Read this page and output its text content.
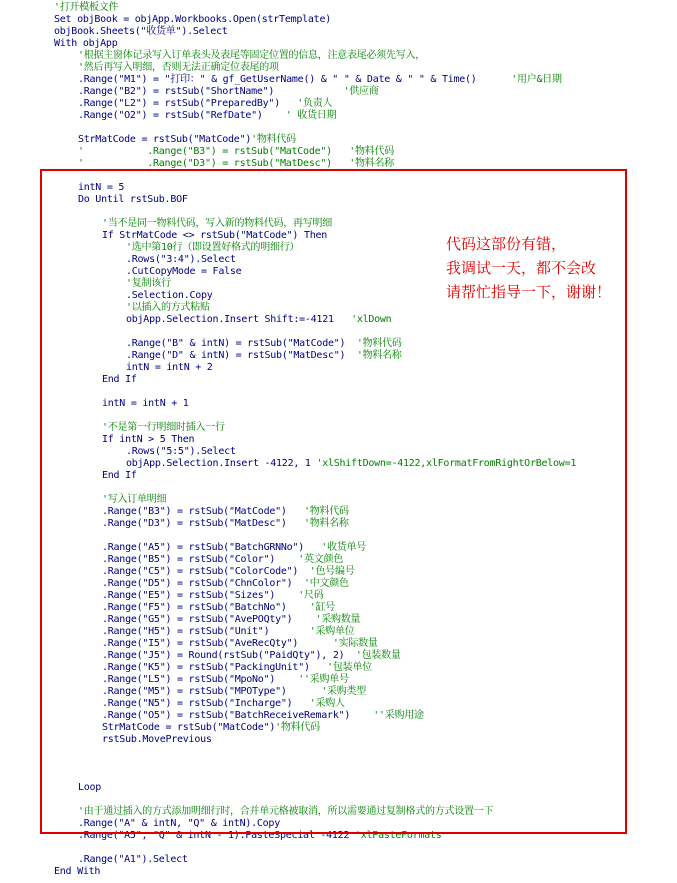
'打开模板文件
Set objBook = objApp.Workbooks.Open(strTemplate)
objBook.Sheets("收货单").Select
With objApp
'根据主窗体记录写入订单表头及表尾等固定位置的信息，注意表尾必须先写入，
'然后再写入明细，否则无法正确定位表尾的项
.Range("M1") = "打印：" & gf_GetUserName() & " " & Date & " " & Time()      '用户&日期
.Range("B2") = rstSub("ShortName")            '供应商
.Range("L2") = rstSub("PreparedBy")   '负责人
.Range("O2") = rstSub("RefDate")    ' 收货日期
StrMatCode = rstSub("MatCode")'物料代码
'           .Range("B3") = rstSub("MatCode")   '物料代码
'           .Range("D3") = rstSub("MatDesc")   '物料名称
intN = 5
Do Until rstSub.BOF
'当不是同一物料代码，写入新的物料代码，再写明细
If StrMatCode <> rstSub("MatCode") Then
'选中第10行（即设置好格式的明细行）
.Rows("3:4").Select
.CutCopyMode = False
'复制该行
.Selection.Copy
'以插入的方式粘贴
objApp.Selection.Insert Shift:=-4121   'xlDown
.Range("B" & intN) = rstSub("MatCode")  '物料代码
.Range("D" & intN) = rstSub("MatDesc")  '物料名称
intN = intN + 2
End If
intN = intN + 1
'不是第一行明细时插入一行
If intN > 5 Then
.Rows("5:5").Select
objApp.Selection.Insert -4122, 1 'xlShiftDown=-4122,xlFormatFromRightOrBelow=1
End If
'写入订单明细
.Range("B3") = rstSub("MatCode")   '物料代码
.Range("D3") = rstSub("MatDesc")   '物料名称
.Range("A5") = rstSub("BatchGRNNo")   '收货单号
.Range("B5") = rstSub("Color")    '英文颜色
.Range("C5") = rstSub("ColorCode")  '色号编号
.Range("D5") = rstSub("ChnColor")  '中文颜色
.Range("E5") = rstSub("Sizes")    '尺码
.Range("F5") = rstSub("BatchNo")    '缸号
.Range("G5") = rstSub("AvePOQty")    '采购数量
.Range("H5") = rstSub("Unit")       '采购单位
.Range("I5") = rstSub("AveRecQty")      '实际数量
.Range("J5") = Round(rstSub("PaidQty"), 2)  '包装数量
.Range("K5") = rstSub("PackingUnit")   '包装单位
.Range("L5") = rstSub("MpoNo")    ''采购单号
.Range("M5") = rstSub("MPOType")      '采购类型
.Range("N5") = rstSub("Incharge")   '采购人
.Range("O5") = rstSub("BatchReceiveRemark")    ''采购用途
StrMatCode = rstSub("MatCode")'物料代码
rstSub.MovePrevious
Loop
'由于通过插入的方式添加明细行时，合并单元格被取消，所以需要通过复制格式的方式设置一下
.Range("A" & intN, "Q" & intN).Copy
.Range("A5", "Q" & intN - 1).PasteSpecial -4122 'xlPasteFormats
.Range("A1").Select
End With
代码这部份有错，
我调试一天，都不会改
请帮忙指导一下，谢谢！
